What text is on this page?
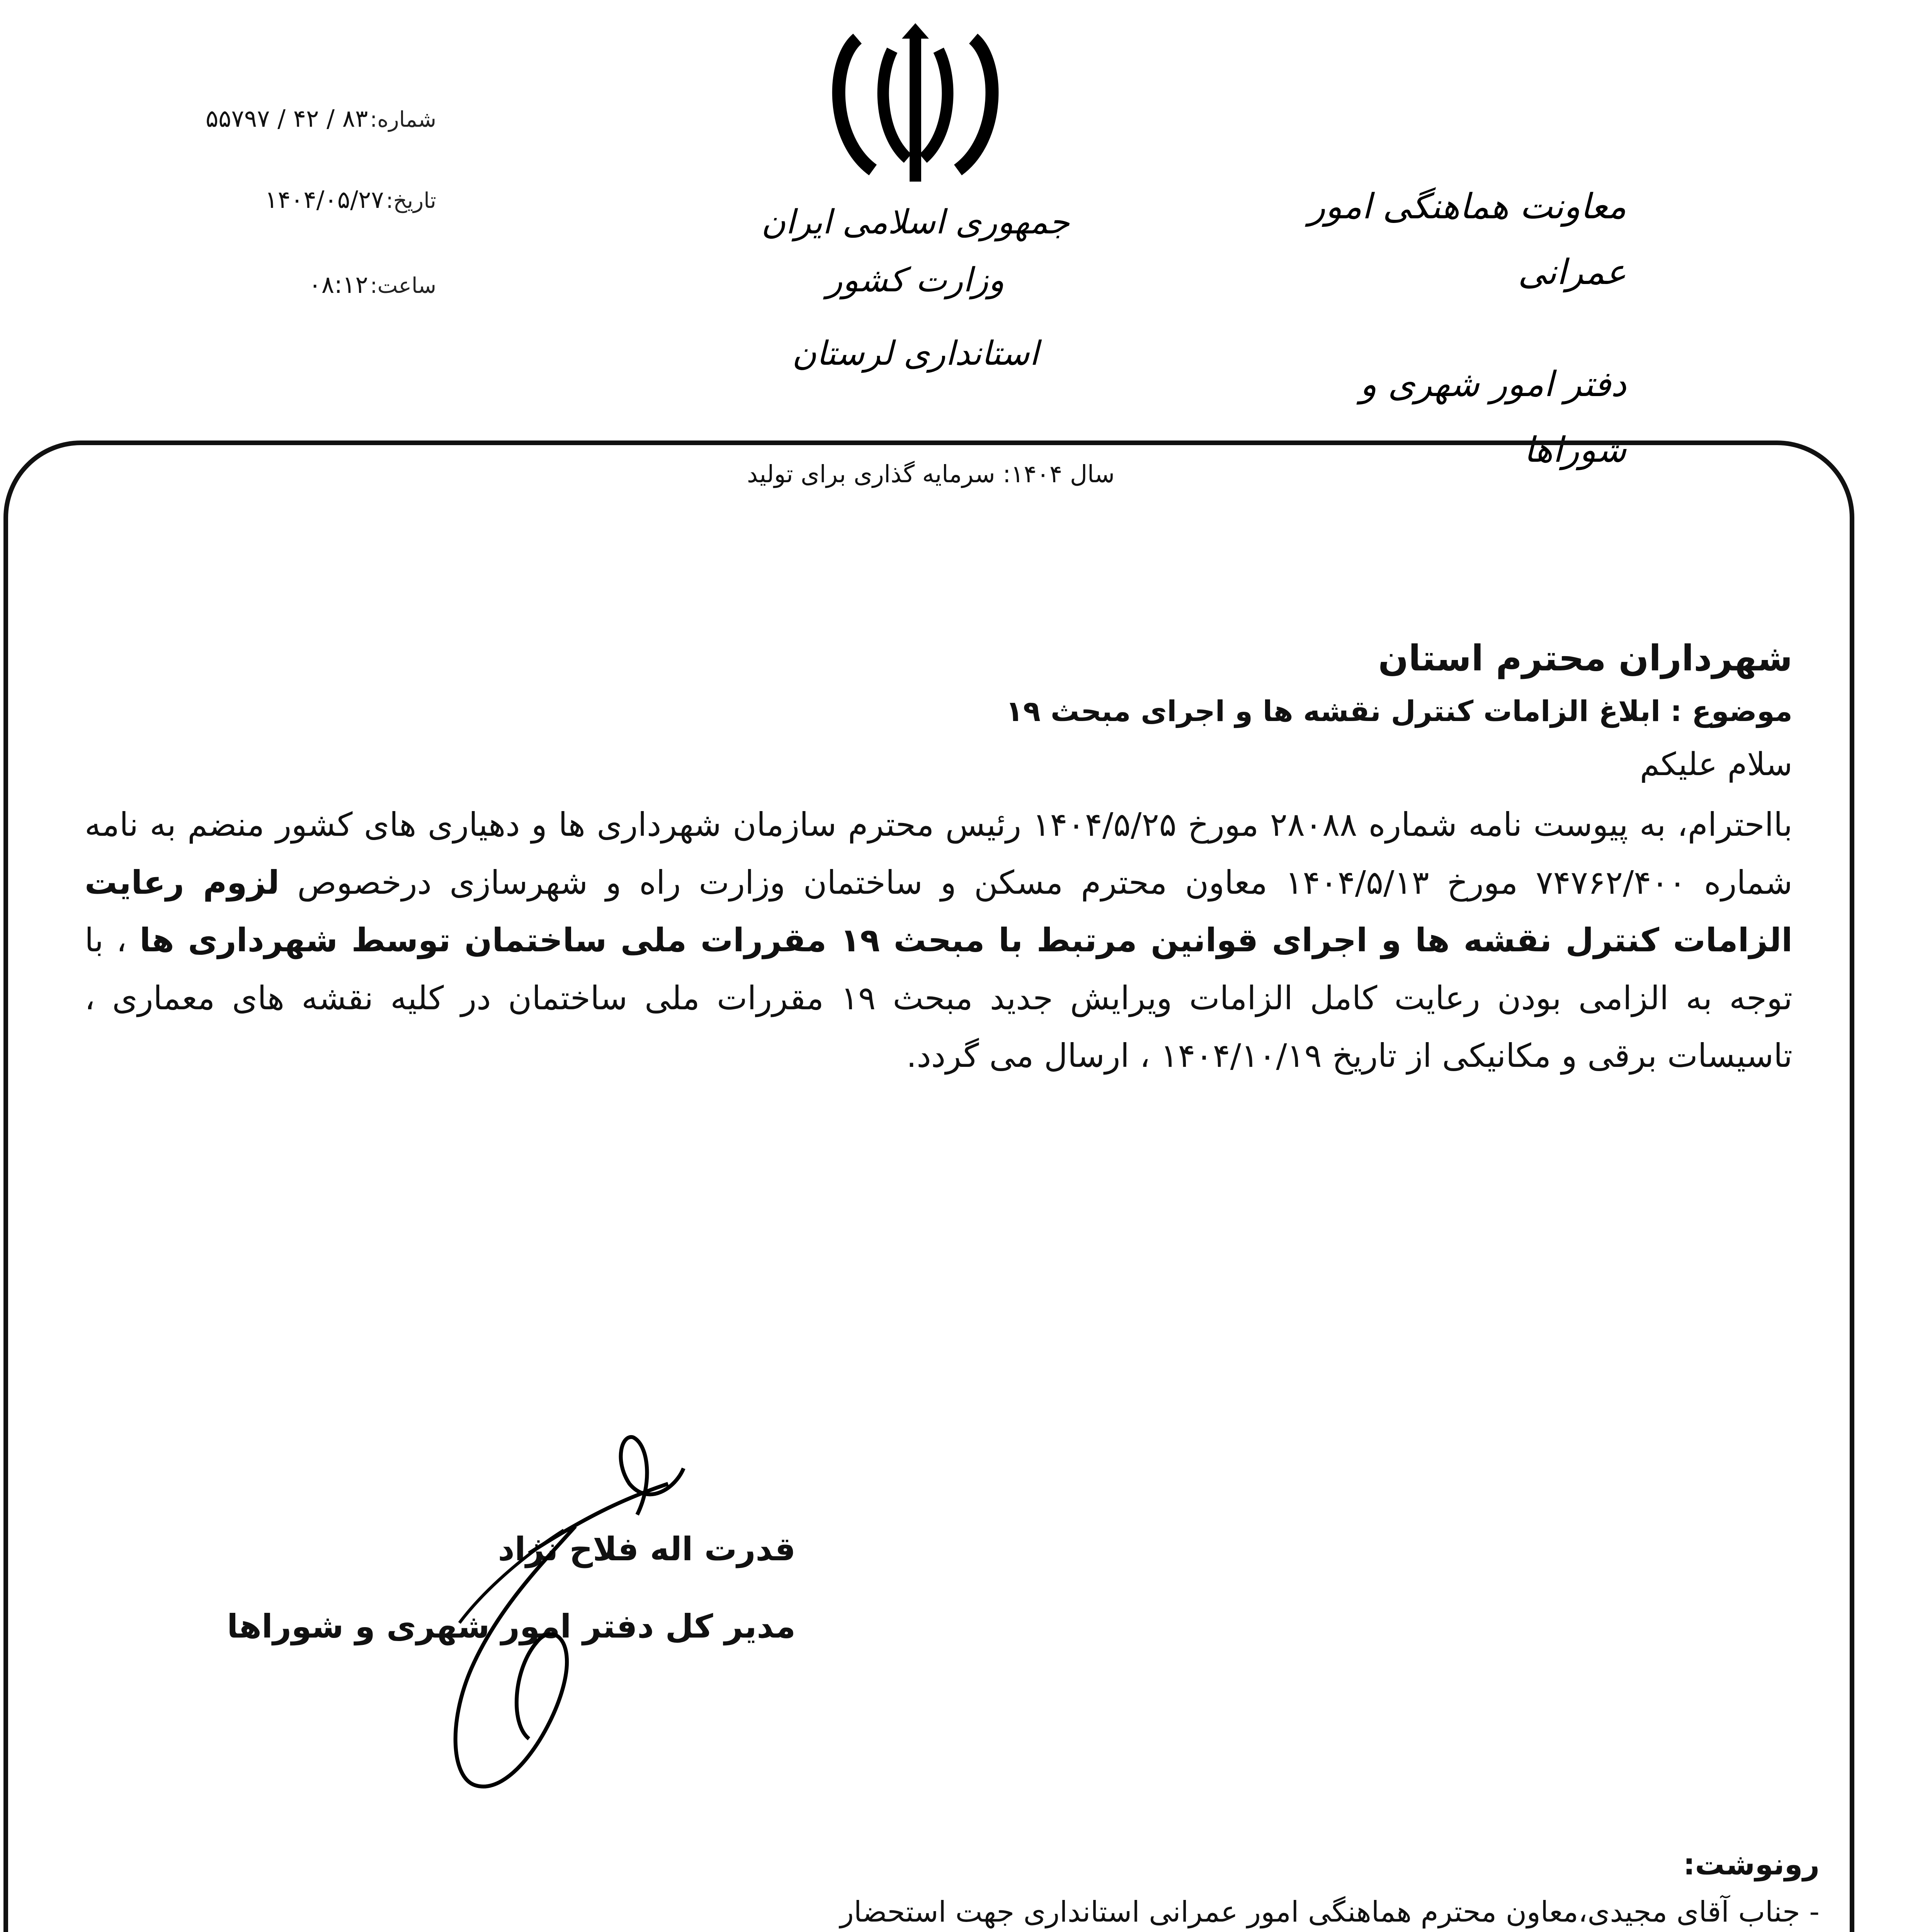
شماره: ۸۳ / ۴۲ / ۵۵۷۹۷
تاریخ: ۱۴۰۴/۰۵/۲۷
ساعت: ۰۸:۱۲
جمهوری اسلامی ایران
وزارت کشور
استانداری لرستان
معاونت هماهنگی امور عمرانی
دفتر امور شهری و شوراها
سال ۱۴۰۴: سرمایه گذاری برای تولید
شهرداران محترم استان
موضوع : ابلاغ الزامات کنترل نقشه ها و اجرای مبحث ۱۹
سلام علیکم

بااحترام، به پیوست نامه شماره ۲۸۰۸۸ مورخ ۱۴۰۴/۵/۲۵ رئیس محترم سازمان شهرداری ها و دهیاری های کشور منضم به نامه شماره ۷۴۷۶۲/۴۰۰ مورخ ۱۴۰۴/۵/۱۳ معاون محترم مسکن و ساختمان وزارت راه و شهرسازی درخصوص لزوم رعایت الزامات کنترل نقشه ها و اجرای قوانین مرتبط با مبحث ۱۹ مقررات ملی ساختمان توسط شهرداری ها ، با توجه به الزامی بودن رعایت کامل الزامات ویرایش جدید مبحث ۱۹ مقررات ملی ساختمان در کلیه نقشه های معماری ، تاسیسات برقی و مکانیکی از تاریخ ۱۴۰۴/۱۰/۱۹ ، ارسال می گردد.

قدرت اله فلاح نژاد
مدیر کل دفتر امور شهری و شوراها
رونوشت:
- جناب آقای مجیدی،معاون محترم هماهنگی امور عمرانی استانداری جهت استحضار
